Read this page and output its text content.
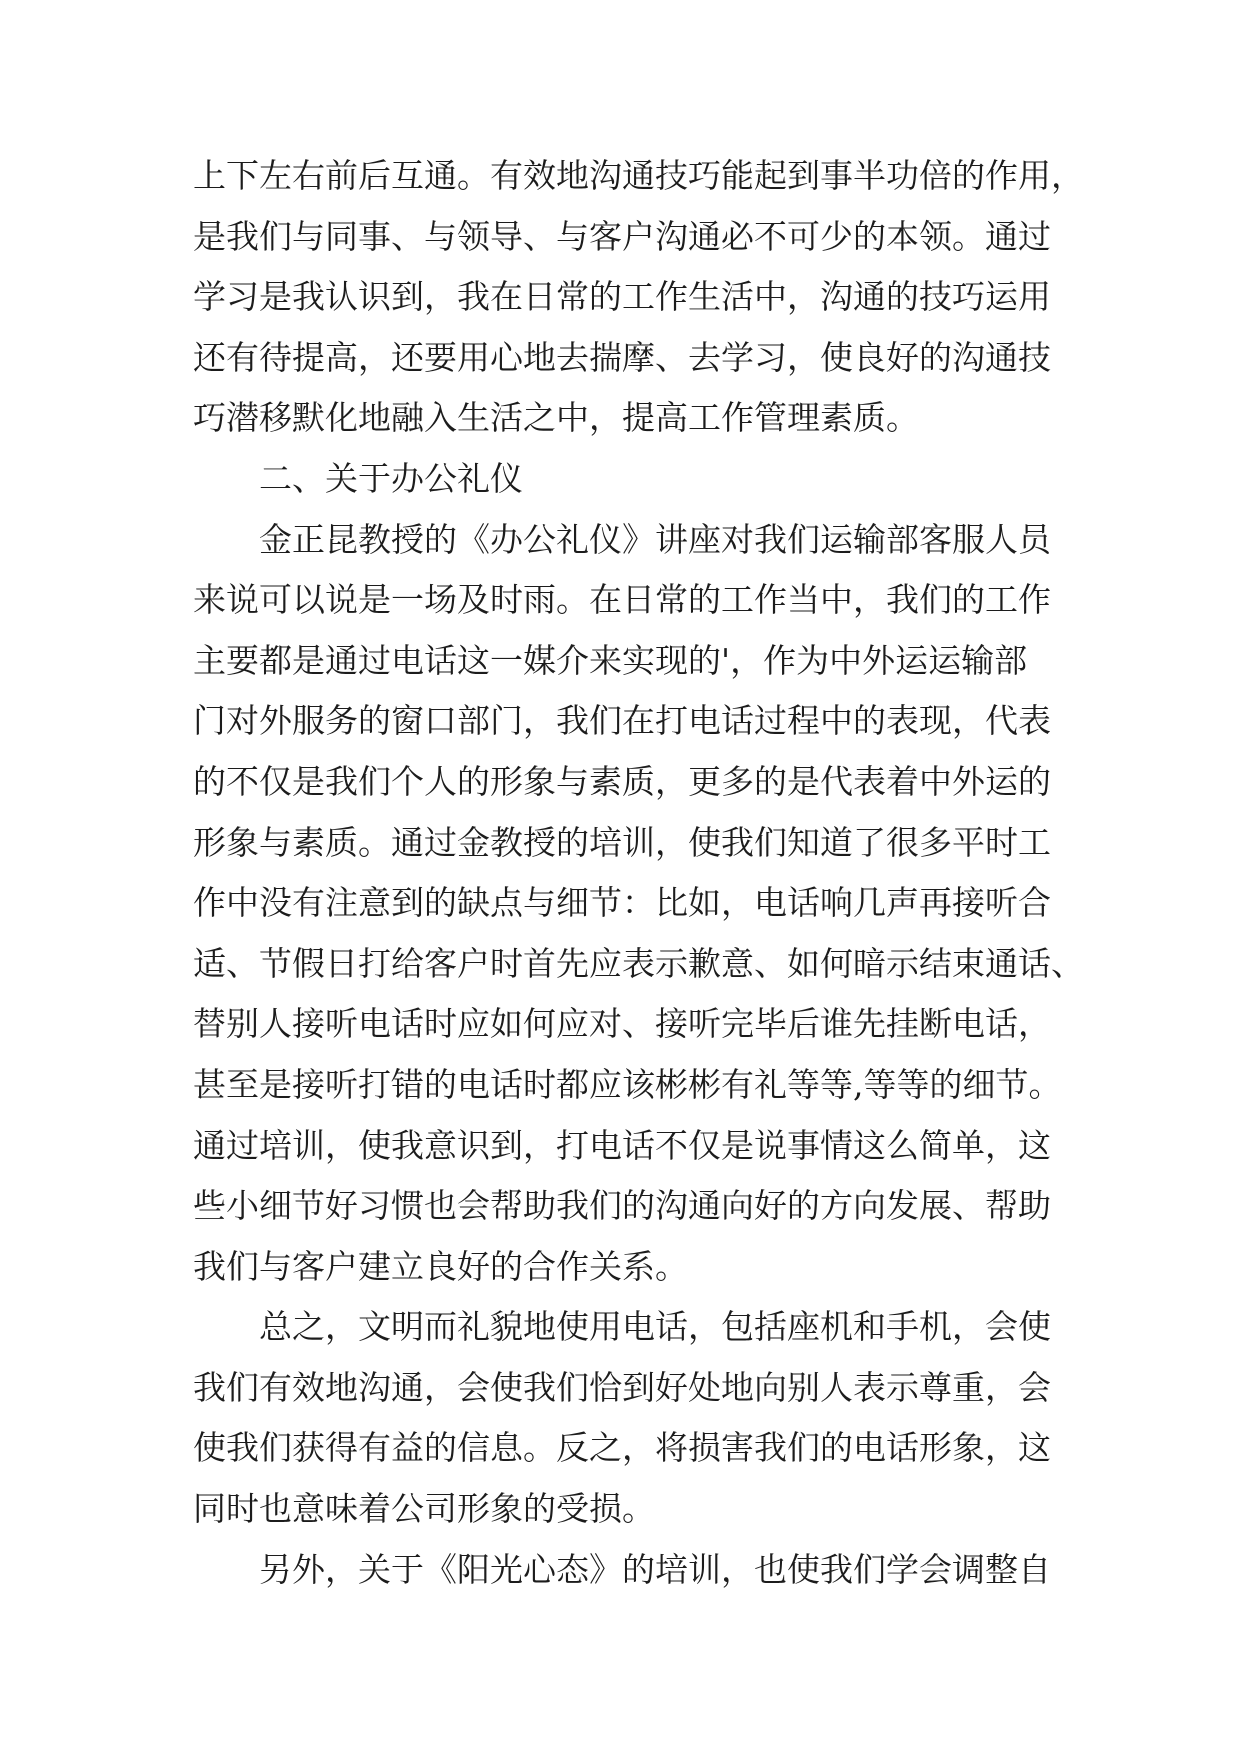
上下左右前后互通。有效地沟通技巧能起到事半功倍的作用，
是我们与同事、与领导、与客户沟通必不可少的本领。通过
学习是我认识到，我在日常的工作生活中，沟通的技巧运用
还有待提高，还要用心地去揣摩、去学习，使良好的沟通技
巧潜移默化地融入生活之中，提高工作管理素质。
二、关于办公礼仪
金正昆教授的《办公礼仪》讲座对我们运输部客服人员
来说可以说是一场及时雨。在日常的工作当中，我们的工作
主要都是通过电话这一媒介来实现的'，作为中外运运输部
门对外服务的窗口部门，我们在打电话过程中的表现，代表
的不仅是我们个人的形象与素质，更多的是代表着中外运的
形象与素质。通过金教授的培训，使我们知道了很多平时工
作中没有注意到的缺点与细节：比如，电话响几声再接听合
适、节假日打给客户时首先应表示歉意、如何暗示结束通话、
替别人接听电话时应如何应对、接听完毕后谁先挂断电话，
甚至是接听打错的电话时都应该彬彬有礼等等,等等的细节。
通过培训，使我意识到，打电话不仅是说事情这么简单，这
些小细节好习惯也会帮助我们的沟通向好的方向发展、帮助
我们与客户建立良好的合作关系。
总之，文明而礼貌地使用电话，包括座机和手机，会使
我们有效地沟通，会使我们恰到好处地向别人表示尊重，会
使我们获得有益的信息。反之，将损害我们的电话形象，这
同时也意味着公司形象的受损。
另外，关于《阳光心态》的培训，也使我们学会调整自
